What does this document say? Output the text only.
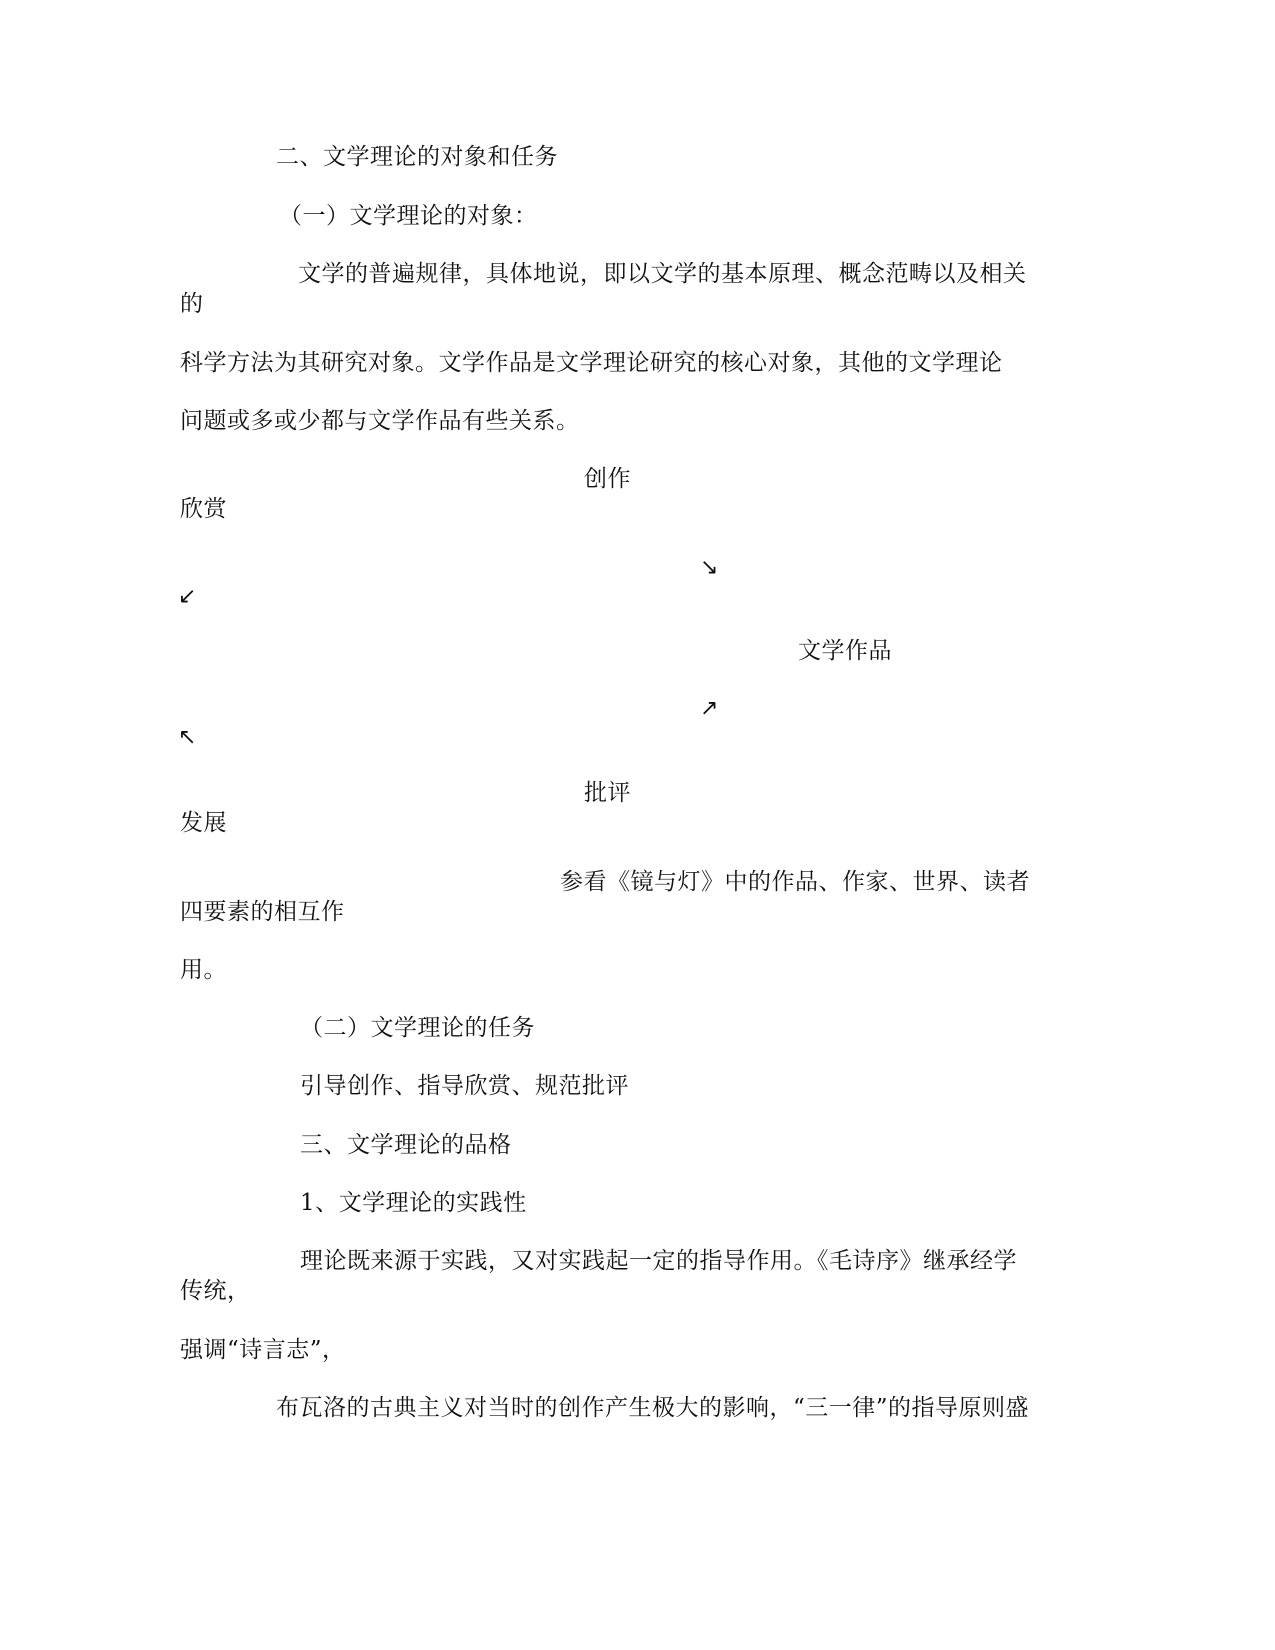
二、文学理论的对象和任务
（一）文学理论的对象：
文学的普遍规律，具体地说，即以文学的基本原理、概念范畴以及相关
的
科学方法为其研究对象。文学作品是文学理论研究的核心对象，其他的文学理论
问题或多或少都与文学作品有些关系。
创作
欣赏
↘
↙
文学作品
↗
↖
批评
发展
参看《镜与灯》中的作品、作家、世界、读者
四要素的相互作
用。
（二）文学理论的任务
引导创作、指导欣赏、规范批评
三、文学理论的品格
1、文学理论的实践性
理论既来源于实践，又对实践起一定的指导作用。《毛诗序》继承经学
传统，
强调“诗言志”，
布瓦洛的古典主义对当时的创作产生极大的影响，“三一律”的指导原则盛
